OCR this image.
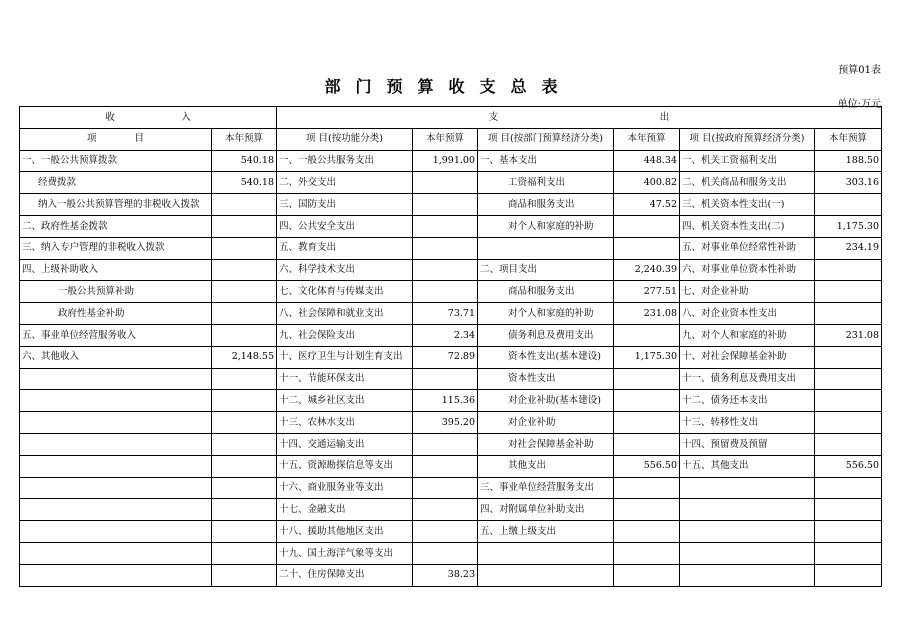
预算01表
部门预算收支总表
单位:万元
收　　　　　　　入		支　　　　　　　　　　　　　　　　　出					
项　　　　目	本年预算	项 目(按功能分类)	本年预算	项 目(按部门预算经济分类)	本年预算	项 目(按政府预算经济分类)	本年预算
一、一般公共预算拨款	540.18	一、一般公共服务支出	1,991.00	一、基本支出	448.34	一、机关工资福利支出	188.50
经费拨款	540.18	二、外交支出		工资福利支出	400.82	二、机关商品和服务支出	303.16
纳入一般公共预算管理的非税收入拨款		三、国防支出		商品和服务支出	47.52	三、机关资本性支出(一)	
二、政府性基金拨款		四、公共安全支出		对个人和家庭的补助		四、机关资本性支出(二)	1,175.30
三、纳入专户管理的非税收入拨款		五、教育支出				五、对事业单位经常性补助	234.19
四、上级补助收入		六、科学技术支出		二、项目支出	2,240.39	六、对事业单位资本性补助	
一般公共预算补助		七、文化体育与传媒支出		商品和服务支出	277.51	七、对企业补助	
政府性基金补助		八、社会保障和就业支出	73.71	对个人和家庭的补助	231.08	八、对企业资本性支出	
五、事业单位经营服务收入		九、社会保险支出	2.34	债务利息及费用支出		九、对个人和家庭的补助	231.08
六、其他收入	2,148.55	十、医疗卫生与计划生育支出	72.89	资本性支出(基本建设)	1,175.30	十、对社会保障基金补助	
		十一、节能环保支出		资本性支出		十一、债务利息及费用支出	
		十二、城乡社区支出	115.36	对企业补助(基本建设)		十二、债务还本支出	
		十三、农林水支出	395.20	对企业补助		十三、转移性支出	
		十四、交通运输支出		对社会保障基金补助		十四、预留费及预留	
		十五、资源勘探信息等支出		其他支出	556.50	十五、其他支出	556.50
		十六、商业服务业等支出		三、事业单位经营服务支出			
		十七、金融支出		四、对附属单位补助支出			
		十八、援助其他地区支出		五、上缴上级支出			
		十九、国土海洋气象等支出					
		二十、住房保障支出	38.23				
